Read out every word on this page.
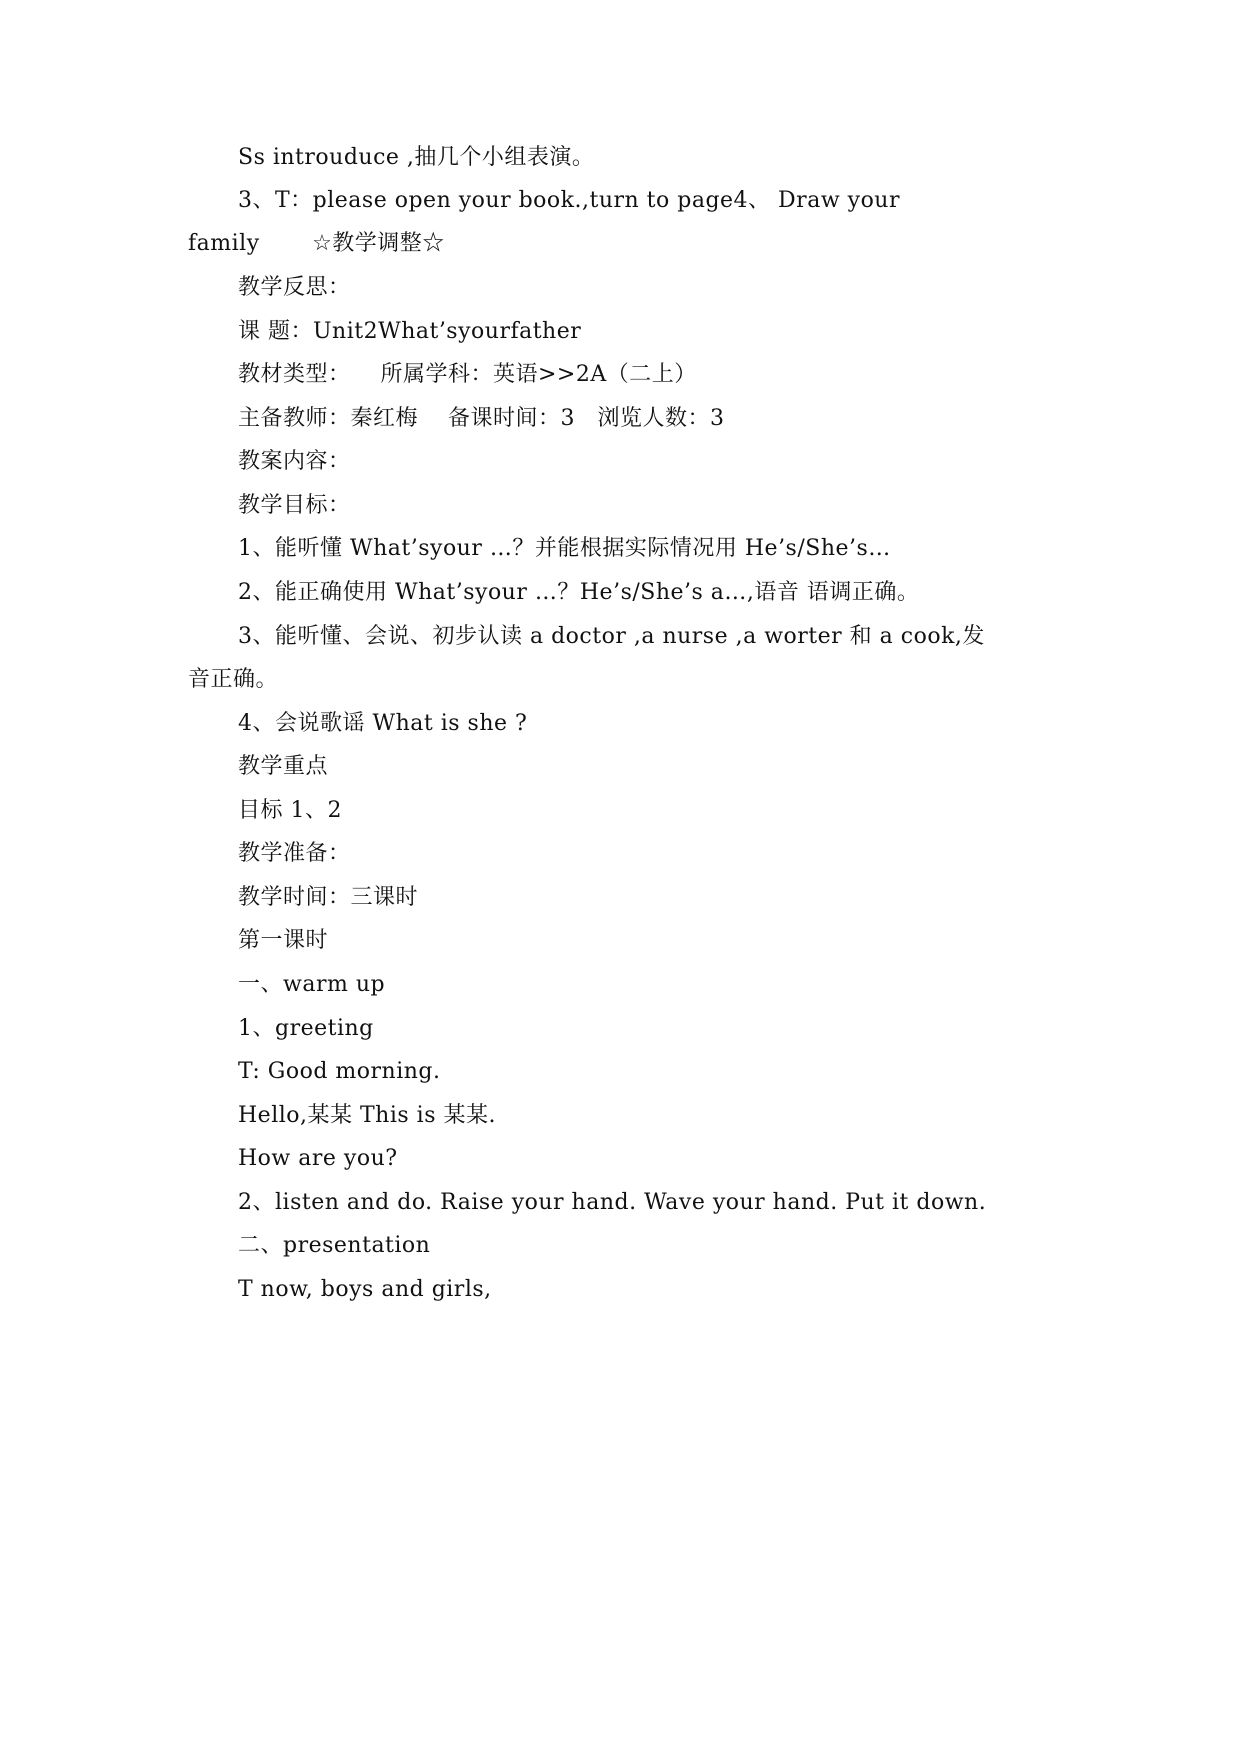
Ss introuduce ,抽几个小组表演。
3、T：please open your book.,turn to page4、 Draw your
family       ☆教学调整☆
教学反思：
课 题：Unit2What’syourfather
教材类型：    所属学科：英语>>2A（二上）
主备教师：秦红梅    备课时间：3   浏览人数：3
教案内容：
教学目标：
1、能听懂 What’syour …？并能根据实际情况用 He’s/She’s…
2、能正确使用 What’syour …？He’s/She’s a…,语音 语调正确。
3、能听懂、会说、初步认读 a doctor ,a nurse ,a worter 和 a cook,发
音正确。
4、会说歌谣 What is she ?
教学重点
目标 1、2
教学准备：
教学时间：三课时
第一课时
一、warm up
1、greeting
T: Good morning.
Hello,某某 This is 某某.
How are you?
2、listen and do. Raise your hand. Wave your hand. Put it down.
二、presentation
T now, boys and girls,
